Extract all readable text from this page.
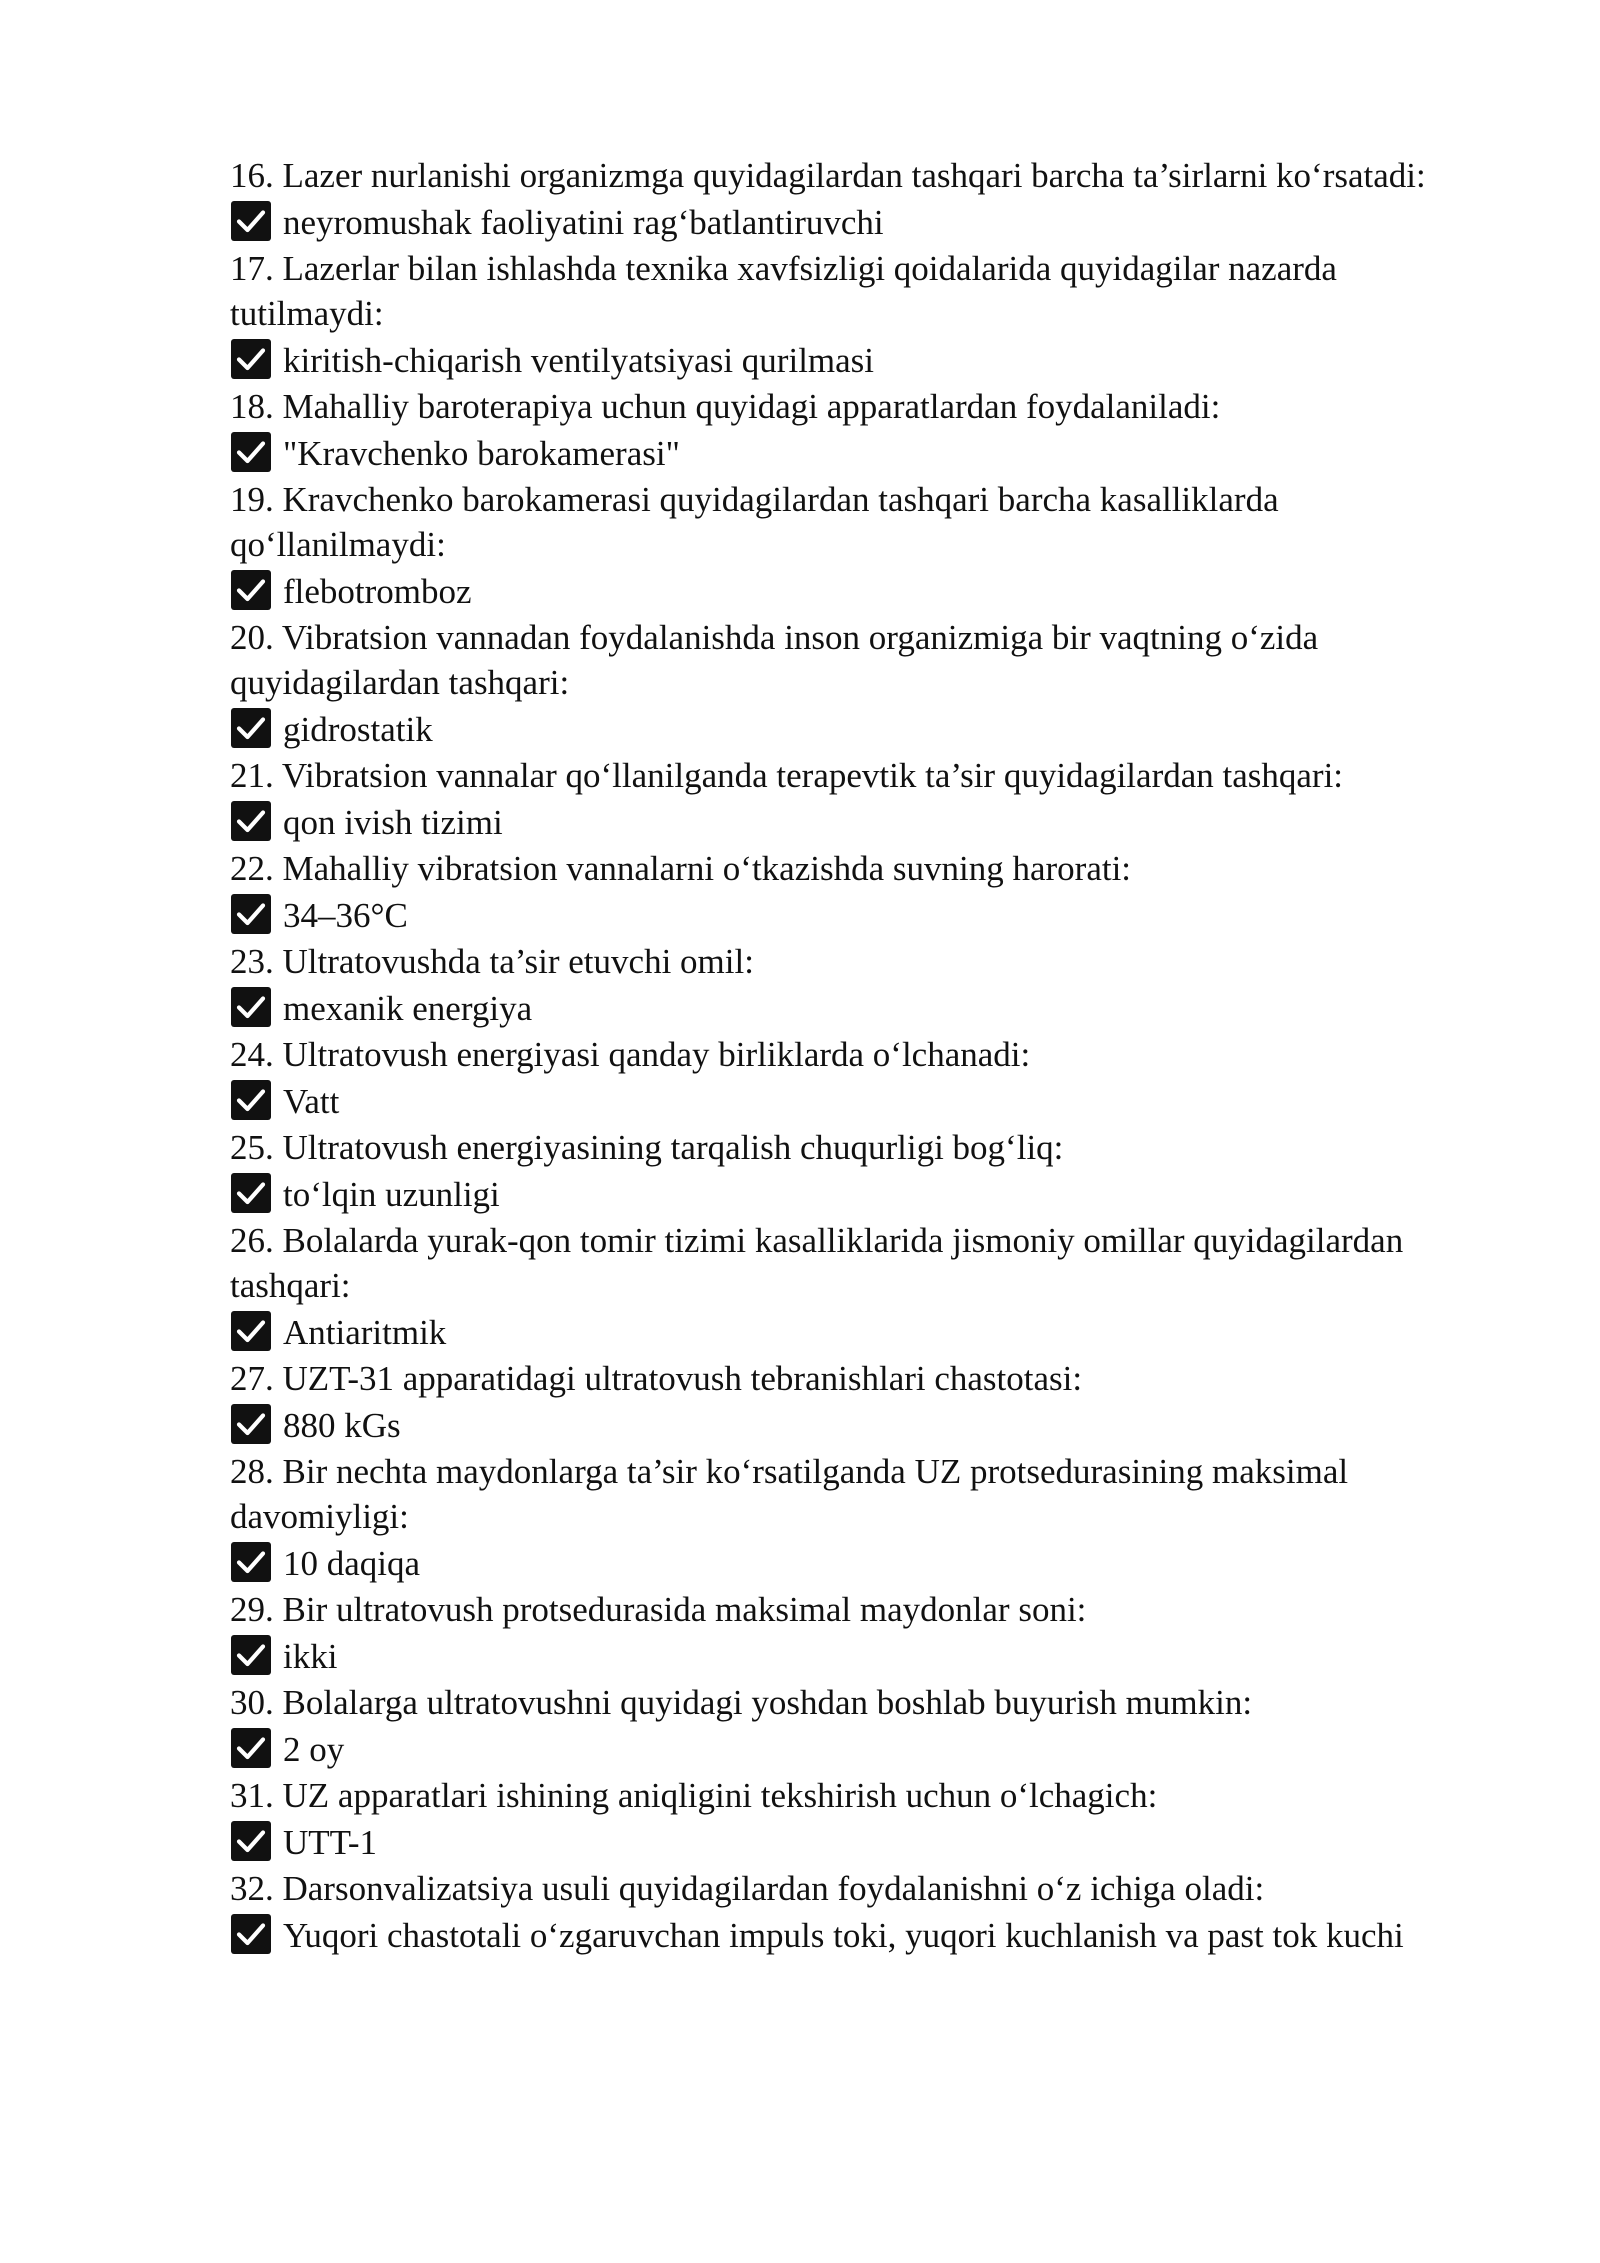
16. Lazer nurlanishi organizmga quyidagilardan tashqari barcha ta’sirlarni ko‘rsatadi:
neyromushak faoliyatini rag‘batlantiruvchi
17. Lazerlar bilan ishlashda texnika xavfsizligi qoidalarida quyidagilar nazarda tutilmaydi:
kiritish-chiqarish ventilyatsiyasi qurilmasi
18. Mahalliy baroterapiya uchun quyidagi apparatlardan foydalaniladi:
"Kravchenko barokamerasi"
19. Kravchenko barokamerasi quyidagilardan tashqari barcha kasalliklarda qo‘llanilmaydi:
flebotromboz
20. Vibratsion vannadan foydalanishda inson organizmiga bir vaqtning o‘zida quyidagilardan tashqari:
gidrostatik
21. Vibratsion vannalar qo‘llanilganda terapevtik ta’sir quyidagilardan tashqari:
qon ivish tizimi
22. Mahalliy vibratsion vannalarni o‘tkazishda suvning harorati:
34–36°C
23. Ultratovushda ta’sir etuvchi omil:
mexanik energiya
24. Ultratovush energiyasi qanday birliklarda o‘lchanadi:
Vatt
25. Ultratovush energiyasining tarqalish chuqurligi bog‘liq:
to‘lqin uzunligi
26. Bolalarda yurak-qon tomir tizimi kasalliklarida jismoniy omillar quyidagilardan tashqari:
Antiaritmik
27. UZT-31 apparatidagi ultratovush tebranishlari chastotasi:
880 kGs
28. Bir nechta maydonlarga ta’sir ko‘rsatilganda UZ protsedurasining maksimal davomiyligi:
10 daqiqa
29. Bir ultratovush protsedurasida maksimal maydonlar soni:
ikki
30. Bolalarga ultratovushni quyidagi yoshdan boshlab buyurish mumkin:
2 oy
31. UZ apparatlari ishining aniqligini tekshirish uchun o‘lchagich:
UTT-1
32. Darsonvalizatsiya usuli quyidagilardan foydalanishni o‘z ichiga oladi:
Yuqori chastotali o‘zgaruvchan impuls toki, yuqori kuchlanish va past tok kuchi
